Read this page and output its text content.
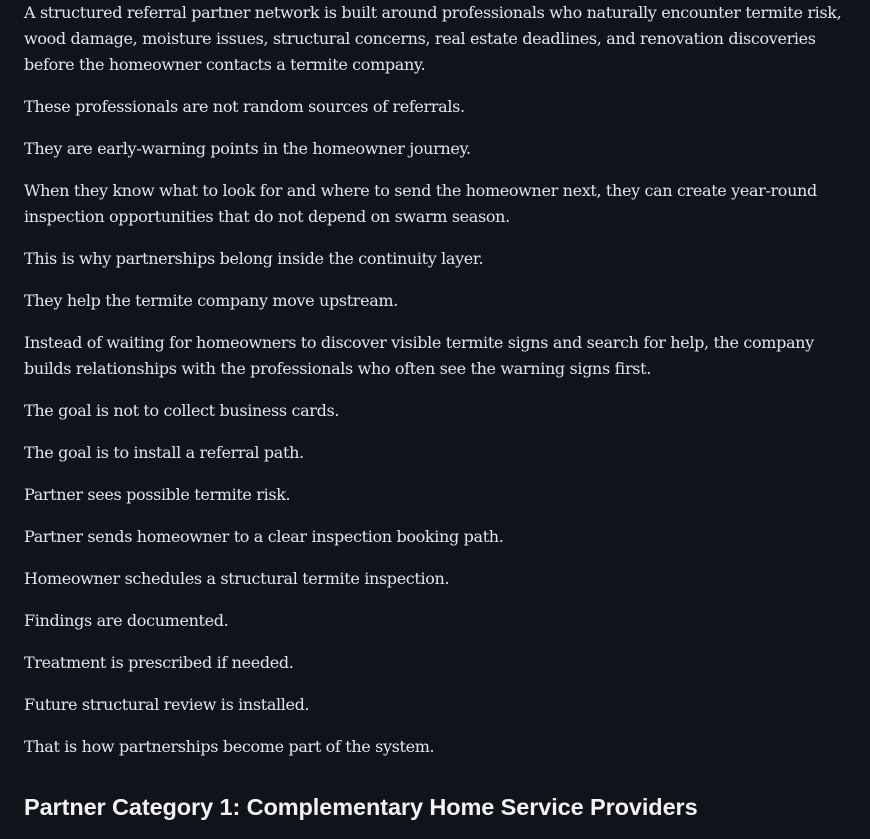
A structured referral partner network is built around professionals who naturally encounter termite risk, wood damage, moisture issues, structural concerns, real estate deadlines, and renovation discoveries before the homeowner contacts a termite company.

These professionals are not random sources of referrals.

They are early-warning points in the homeowner journey.

When they know what to look for and where to send the homeowner next, they can create year-round inspection opportunities that do not depend on swarm season.

This is why partnerships belong inside the continuity layer.

They help the termite company move upstream.

Instead of waiting for homeowners to discover visible termite signs and search for help, the company builds relationships with the professionals who often see the warning signs first.

The goal is not to collect business cards.

The goal is to install a referral path.

Partner sees possible termite risk.

Partner sends homeowner to a clear inspection booking path.

Homeowner schedules a structural termite inspection.

Findings are documented.

Treatment is prescribed if needed.

Future structural review is installed.

That is how partnerships become part of the system.

Partner Category 1: Complementary Home Service Providers
